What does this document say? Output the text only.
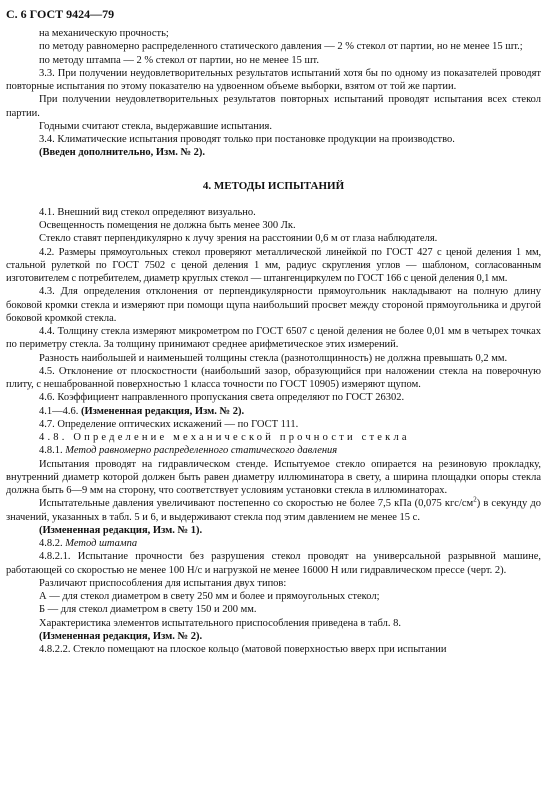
С. 6 ГОСТ 9424—79

на механическую прочность;

по методу равномерно распределенного статического давления — 2 % стекол от партии, но не менее 15 шт.;

по методу штампа — 2 % стекол от партии, но не менее 15 шт.

3.3. При получении неудовлетворительных результатов испытаний хотя бы по одному из показателей проводят повторные испытания по этому показателю на удвоенном объеме выборки, взятом от той же партии.

При получении неудовлетворительных результатов повторных испытаний проводят испытания всех стекол партии.

Годными считают стекла, выдержавшие испытания.

3.4. Климатические испытания проводят только при постановке продукции на производство.

(Введен дополнительно, Изм. № 2).

4. МЕТОДЫ ИСПЫТАНИЙ

4.1. Внешний вид стекол определяют визуально.

Освещенность помещения не должна быть менее 300 Лк.

Стекло ставят перпендикулярно к лучу зрения на расстоянии 0,6 м от глаза наблюдателя.

4.2. Размеры прямоугольных стекол проверяют металлической линейкой по ГОСТ 427 с ценой деления 1 мм, стальной рулеткой по ГОСТ 7502 с ценой деления 1 мм, радиус скругления углов — шаблоном, согласованным изготовителем с потребителем, диаметр круглых стекол — штангенциркулем по ГОСТ 166 с ценой деления 0,1 мм.

4.3. Для определения отклонения от перпендикулярности прямоугольник накладывают на полную длину боковой кромки стекла и измеряют при помощи щупа наибольший просвет между стороной прямоугольника и другой боковой кромкой стекла.

4.4. Толщину стекла измеряют микрометром по ГОСТ 6507 с ценой деления не более 0,01 мм в четырех точках по периметру стекла. За толщину принимают среднее арифметическое этих измерений.

Разность наибольшей и наименьшей толщины стекла (разнотолщинность) не должна превышать 0,2 мм.

4.5. Отклонение от плоскостности (наибольший зазор, образующийся при наложении стекла на поверочную плиту, с нешаброванной поверхностью 1 класса точности по ГОСТ 10905) измеряют щупом.

4.6. Коэффициент направленного пропускания света определяют по ГОСТ 26302.

4.1—4.6. (Измененная редакция, Изм. № 2).

4.7. Определение оптических искажений — по ГОСТ 111.

4.8. Определение механической прочности стекла

4.8.1. Метод равномерно распределенного статического давления

Испытания проводят на гидравлическом стенде. Испытуемое стекло опирается на резиновую прокладку, внутренний диаметр которой должен быть равен диаметру иллюминатора в свету, а ширина площадки опоры стекла должна быть 6—9 мм на сторону, что соответствует условиям установки стекла в иллюминаторах.

Испытательные давления увеличивают постепенно со скоростью не более 7,5 кПа (0,075 кгс/$см^2$) в секунду до значений, указанных в табл. 5 и 6, и выдерживают стекла под этим давлением не менее 15 с.

(Измененная редакция, Изм. № 1).

4.8.2. Метод штампа

4.8.2.1. Испытание прочности без разрушения стекол проводят на универсальной разрывной машине, работающей со скоростью не менее 100 Н/с и нагрузкой не менее 16000 Н или гидравлическом прессе (черт. 2).

Различают приспособления для испытания двух типов:

А — для стекол диаметром в свету 250 мм и более и прямоугольных стекол;

Б — для стекол диаметром в свету 150 и 200 мм.

Характеристика элементов испытательного приспособления приведена в табл. 8.

(Измененная редакция, Изм. № 2).

4.8.2.2. Стекло помещают на плоское кольцо (матовой поверхностью вверх при испытании
